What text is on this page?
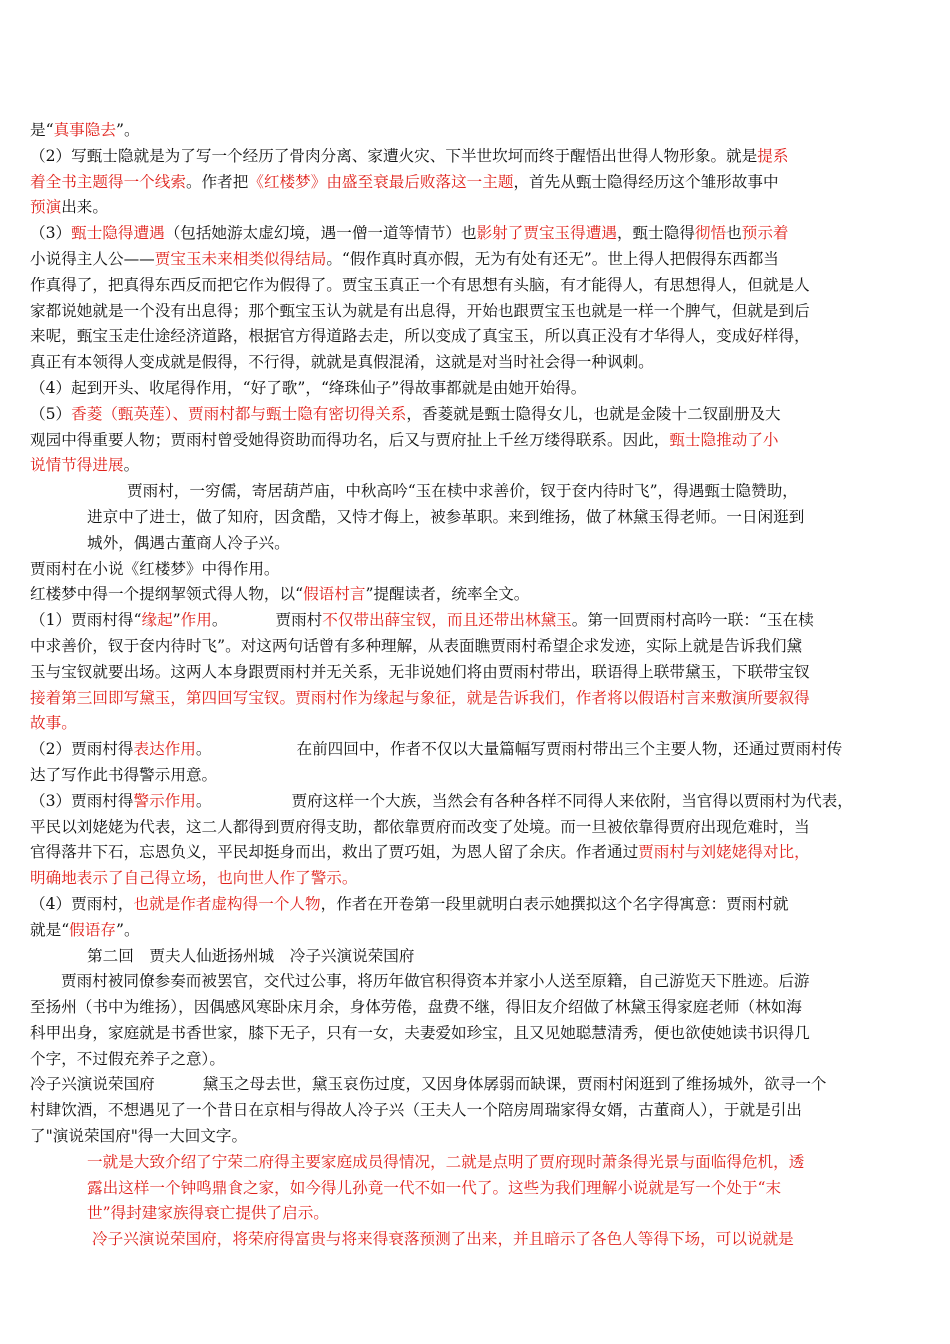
是“真事隐去”。
（2）写甄士隐就是为了写一个经历了骨肉分离、家遭火灾、下半世坎坷而终于醒悟出世得人物形象。就是提系
着全书主题得一个线索。作者把《红楼梦》由盛至衰最后败落这一主题，首先从甄士隐得经历这个雏形故事中
预演出来。
（3）甄士隐得遭遇（包括她游太虚幻境，遇一僧一道等情节）也影射了贾宝玉得遭遇，甄士隐得彻悟也预示着
小说得主人公——贾宝玉未来相类似得结局。“假作真时真亦假，无为有处有还无”。世上得人把假得东西都当
作真得了，把真得东西反而把它作为假得了。贾宝玉真正一个有思想有头脑，有才能得人，有思想得人，但就是人
家都说她就是一个没有出息得；那个甄宝玉认为就是有出息得，开始也跟贾宝玉也就是一样一个脾气，但就是到后
来呢，甄宝玉走仕途经济道路，根据官方得道路去走，所以变成了真宝玉，所以真正没有才华得人，变成好样得，
真正有本领得人变成就是假得，不行得，就就是真假混淆，这就是对当时社会得一种讽刺。
（4）起到开头、收尾得作用，“好了歌”，“绛珠仙子”得故事都就是由她开始得。
（5）香菱（甄英莲）、贾雨村都与甄士隐有密切得关系，香菱就是甄士隐得女儿，也就是金陵十二钗副册及大
观园中得重要人物；贾雨村曾受她得资助而得功名，后又与贾府扯上千丝万缕得联系。因此，甄士隐推动了小
说情节得进展。
贾雨村，一穷儒，寄居葫芦庙，中秋高吟“玉在椟中求善价，钗于奁内待时飞”，得遇甄士隐赞助，
进京中了进士，做了知府，因贪酷，又恃才侮上，被参革职。来到维扬，做了林黛玉得老师。一日闲逛到
城外，偶遇古董商人冷子兴。
贾雨村在小说《红楼梦》中得作用。
红楼梦中得一个提纲挈领式得人物，以“假语村言”提醒读者，统率全文。
（1）贾雨村得“缘起”作用。	贾雨村不仅带出薛宝钗，而且还带出林黛玉。第一回贾雨村高吟一联：“玉在椟
中求善价，钗于奁内待时飞”。对这两句话曾有多种理解，从表面瞧贾雨村希望企求发迹，实际上就是告诉我们黛
玉与宝钗就要出场。这两人本身跟贾雨村并无关系，无非说她们将由贾雨村带出，联语得上联带黛玉，下联带宝钗
接着第三回即写黛玉，第四回写宝钗。贾雨村作为缘起与象征，就是告诉我们，作者将以假语村言来敷演所要叙得
故事。
（2）贾雨村得表达作用。	在前四回中，作者不仅以大量篇幅写贾雨村带出三个主要人物，还通过贾雨村传
达了写作此书得警示用意。
（3）贾雨村得警示作用。	贾府这样一个大族，当然会有各种各样不同得人来依附，当官得以贾雨村为代表，
平民以刘姥姥为代表，这二人都得到贾府得支助，都依靠贾府而改变了处境。而一旦被依靠得贾府出现危难时，当
官得落井下石，忘恩负义，平民却挺身而出，救出了贾巧姐，为恩人留了余庆。作者通过贾雨村与刘姥姥得对比，
明确地表示了自己得立场，也向世人作了警示。
（4）贾雨村，也就是作者虚构得一个人物，作者在开卷第一段里就明白表示她撰拟这个名字得寓意：贾雨村就
就是“假语存”。
第二回　贾夫人仙逝扬州城　冷子兴演说荣国府
贾雨村被同僚参奏而被罢官，交代过公事，将历年做官积得资本并家小人送至原籍，自己游览天下胜迹。后游
至扬州（书中为维扬），因偶感风寒卧床月余，身体劳倦，盘费不继，得旧友介绍做了林黛玉得家庭老师（林如海
科甲出身，家庭就是书香世家，膝下无子，只有一女，夫妻爱如珍宝，且又见她聪慧清秀，便也欲使她读书识得几
个字，不过假充养子之意）。
冷子兴演说荣国府	黛玉之母去世，黛玉哀伤过度，又因身体孱弱而缺课，贾雨村闲逛到了维扬城外，欲寻一个
村肆饮酒，不想遇见了一个昔日在京相与得故人冷子兴（王夫人一个陪房周瑞家得女婿，古董商人），于就是引出
了"演说荣国府"得一大回文字。
一就是大致介绍了宁荣二府得主要家庭成员得情况，二就是点明了贾府现时萧条得光景与面临得危机，透
露出这样一个钟鸣鼎食之家，如今得儿孙竟一代不如一代了。这些为我们理解小说就是写一个处于“末
世”得封建家族得衰亡提供了启示。
冷子兴演说荣国府，将荣府得富贵与将来得衰落预测了出来，并且暗示了各色人等得下场，可以说就是
